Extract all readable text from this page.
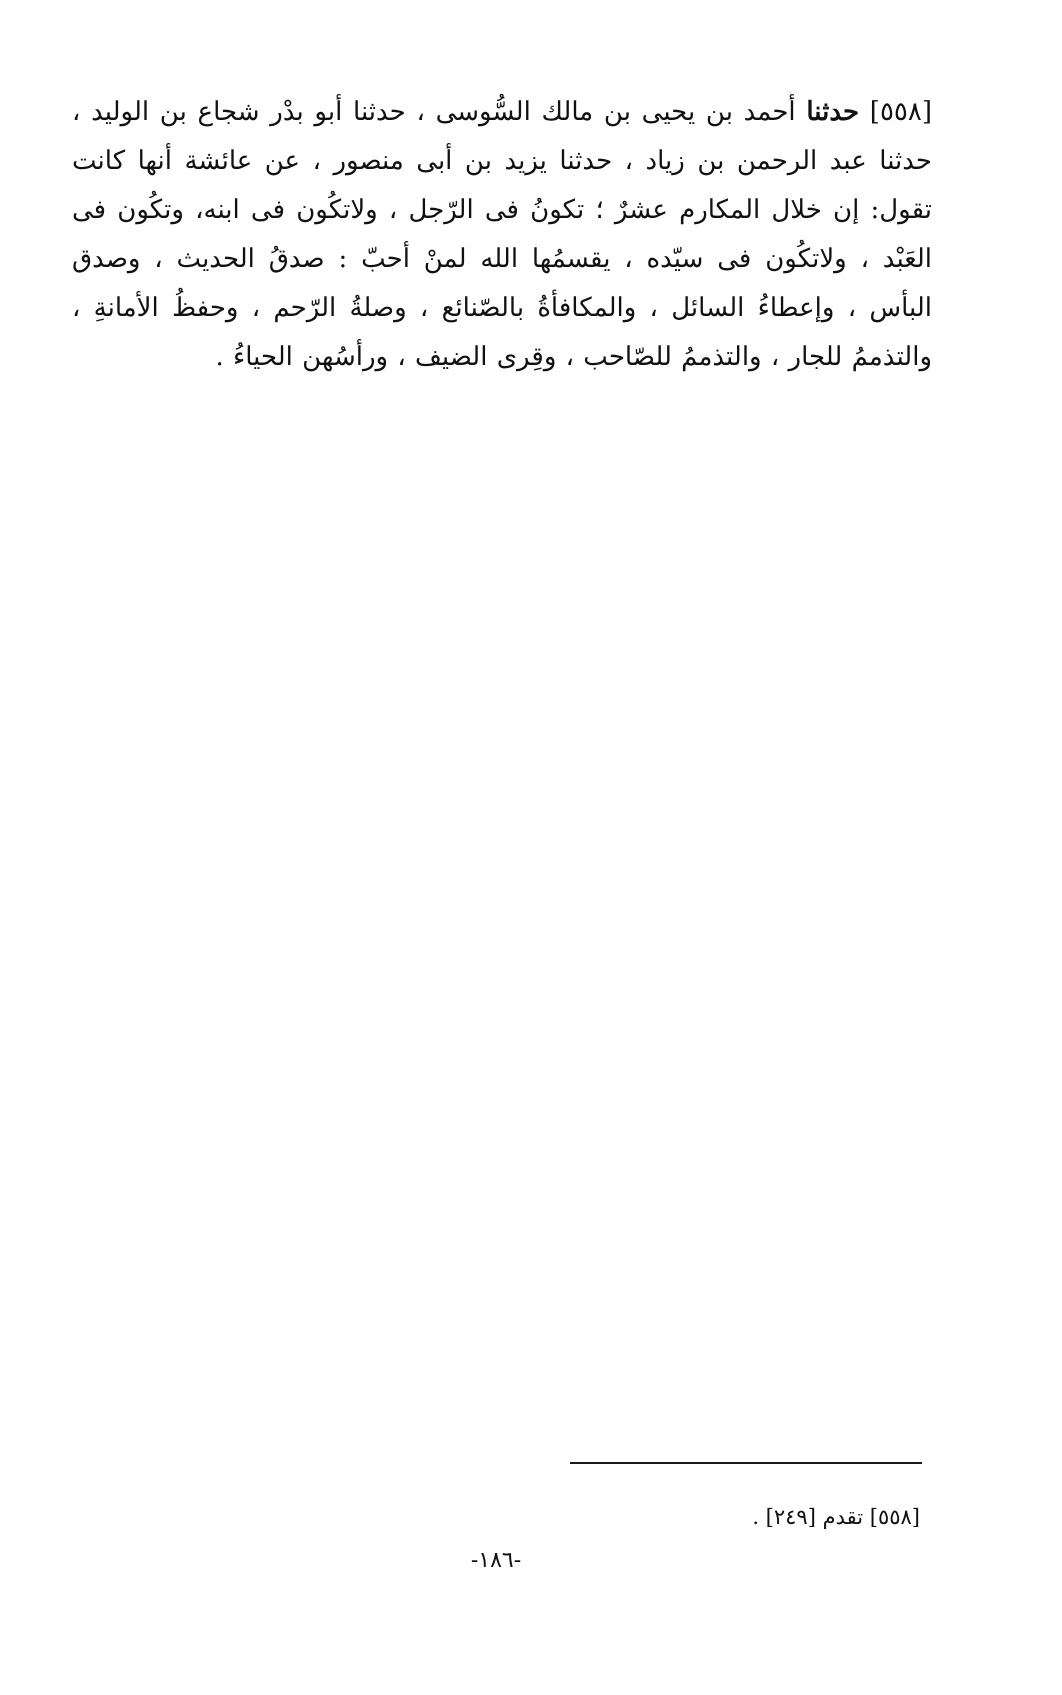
[٥٥٨] حدثنا أحمد بن يحيى بن مالك السُّوسى ، حدثنا أبو بدْر شجاع بن الوليد ، حدثنا عبد الرحمن بن زياد ، حدثنا يزيد بن أبى منصور ، عن عائشة أنها كانت تقول: إن خلال المكارم عشرٌ ؛ تكونُ فى الرّجل ، ولاتكُون فى ابنه، وتكُون فى العَبْد ، ولاتكُون فى سيّده ، يقسمُها الله لمنْ أحبّ : صدقُ الحديث ، وصدق البأس ، وإعطاءُ السائل ، والمكافأةُ بالصّنائع ، وصلةُ الرّحم ، وحفظُ الأمانةِ ، والتذممُ للجار ، والتذممُ للصّاحب ، وقِرى الضيف ، ورأسُهن الحياءُ .

[٥٥٨] تقدم [٢٤٩] .
-١٨٦-
